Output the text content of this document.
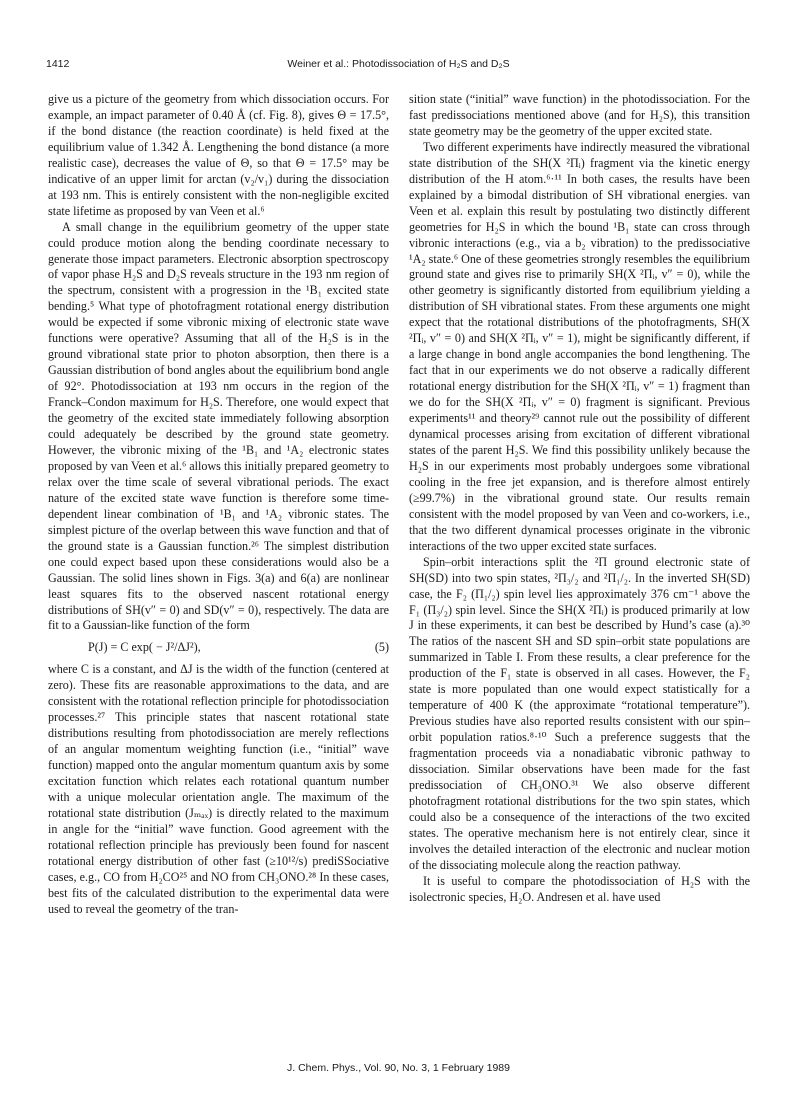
1412	Weiner et al.: Photodissociation of H₂S and D₂S

give us a picture of the geometry from which dissociation occurs. For example, an impact parameter of 0.40 Å (cf. Fig. 8), gives Θ = 17.5°, if the bond distance (the reaction coordinate) is held fixed at the equilibrium value of 1.342 Å. Lengthening the bond distance (a more realistic case), decreases the value of Θ, so that Θ = 17.5° may be indicative of an upper limit for arctan (v₂/v₁) during the dissociation at 193 nm. This is entirely consistent with the non-negligible excited state lifetime as proposed by van Veen et al.⁶

A small change in the equilibrium geometry of the upper state could produce motion along the bending coordinate necessary to generate those impact parameters. Electronic absorption spectroscopy of vapor phase H₂S and D₂S reveals structure in the 193 nm region of the spectrum, consistent with a progression in the ¹B₁ excited state bending.⁵ What type of photofragment rotational energy distribution would be expected if some vibronic mixing of electronic state wave functions were operative? Assuming that all of the H₂S is in the ground vibrational state prior to photon absorption, then there is a Gaussian distribution of bond angles about the equilibrium bond angle of 92°. Photodissociation at 193 nm occurs in the region of the Franck–Condon maximum for H₂S. Therefore, one would expect that the geometry of the excited state immediately following absorption could adequately be described by the ground state geometry. However, the vibronic mixing of the ¹B₁ and ¹A₂ electronic states proposed by van Veen et al.⁶ allows this initially prepared geometry to relax over the time scale of several vibrational periods. The exact nature of the excited state wave function is therefore some time-dependent linear combination of ¹B₁ and ¹A₂ vibronic states. The simplest picture of the overlap between this wave function and that of the ground state is a Gaussian function.²⁶ The simplest distribution one could expect based upon these considerations would also be a Gaussian. The solid lines shown in Figs. 3(a) and 6(a) are nonlinear least squares fits to the observed nascent rotational energy distributions of SH(v″ = 0) and SD(v″ = 0), respectively. The data are fit to a Gaussian-like function of the form

P(J) = C exp( − J²/ΔJ²),	(5)

where C is a constant, and ΔJ is the width of the function (centered at zero). These fits are reasonable approximations to the data, and are consistent with the rotational reflection principle for photodissociation processes.²⁷ This principle states that nascent rotational state distributions resulting from photodissociation are merely reflections of an angular momentum weighting function (i.e., “initial” wave function) mapped onto the angular momentum quantum axis by some excitation function which relates each rotational quantum number with a unique molecular orientation angle. The maximum of the rotational state distribution (Jₘₐₓ) is directly related to the maximum in angle for the “initial” wave function. Good agreement with the rotational reflection principle has previously been found for nascent rotational energy distribution of other fast (≥10¹²/s) prediSSociative cases, e.g., CO from H₂CO²⁵ and NO from CH₃ONO.²⁸ In these cases, best fits of the calculated distribution to the experimental data were used to reveal the geometry of the tran-

sition state (“initial” wave function) in the photodissociation. For the fast predissociations mentioned above (and for H₂S), this transition state geometry may be the geometry of the upper excited state.

Two different experiments have indirectly measured the vibrational state distribution of the SH(X ²Πᵢ) fragment via the kinetic energy distribution of the H atom.⁶·¹¹ In both cases, the results have been explained by a bimodal distribution of SH vibrational energies. van Veen et al. explain this result by postulating two distinctly different geometries for H₂S in which the bound ¹B₁ state can cross through vibronic interactions (e.g., via a b₂ vibration) to the predissociative ¹A₂ state.⁶ One of these geometries strongly resembles the equilibrium ground state and gives rise to primarily SH(X ²Πᵢ, v″ = 0), while the other geometry is significantly distorted from equilibrium yielding a distribution of SH vibrational states. From these arguments one might expect that the rotational distributions of the photofragments, SH(X ²Πᵢ, v″ = 0) and SH(X ²Πᵢ, v″ = 1), might be significantly different, if a large change in bond angle accompanies the bond lengthening. The fact that in our experiments we do not observe a radically different rotational energy distribution for the SH(X ²Πᵢ, v″ = 1) fragment than we do for the SH(X ²Πᵢ, v″ = 0) fragment is significant. Previous experiments¹¹ and theory²⁹ cannot rule out the possibility of different dynamical processes arising from excitation of different vibrational states of the parent H₂S. We find this possibility unlikely because the H₂S in our experiments most probably undergoes some vibrational cooling in the free jet expansion, and is therefore almost entirely (≥99.7%) in the vibrational ground state. Our results remain consistent with the model proposed by van Veen and co-workers, i.e., that the two different dynamical processes originate in the vibronic interactions of the two upper excited state surfaces.

Spin–orbit interactions split the ²Π ground electronic state of SH(SD) into two spin states, ²Π₃/₂ and ²Π₁/₂. In the inverted SH(SD) case, the F₂ (Π₁/₂) spin level lies approximately 376 cm⁻¹ above the F₁ (Π₃/₂) spin level. Since the SH(X ²Πᵢ) is produced primarily at low J in these experiments, it can best be described by Hund’s case (a).³⁰ The ratios of the nascent SH and SD spin–orbit state populations are summarized in Table I. From these results, a clear preference for the production of the F₁ state is observed in all cases. However, the F₂ state is more populated than one would expect statistically for a temperature of 400 K (the approximate “rotational temperature”). Previous studies have also reported results consistent with our spin–orbit population ratios.⁸·¹⁰ Such a preference suggests that the fragmentation proceeds via a nonadiabatic vibronic pathway to dissociation. Similar observations have been made for the fast predissociation of CH₃ONO.³¹ We also observe different photofragment rotational distributions for the two spin states, which could also be a consequence of the interactions of the two excited states. The operative mechanism here is not entirely clear, since it involves the detailed interaction of the electronic and nuclear motion of the dissociating molecule along the reaction pathway.

It is useful to compare the photodissociation of H₂S with the isolectronic species, H₂O. Andresen et al. have used

J. Chem. Phys., Vol. 90, No. 3, 1 February 1989
